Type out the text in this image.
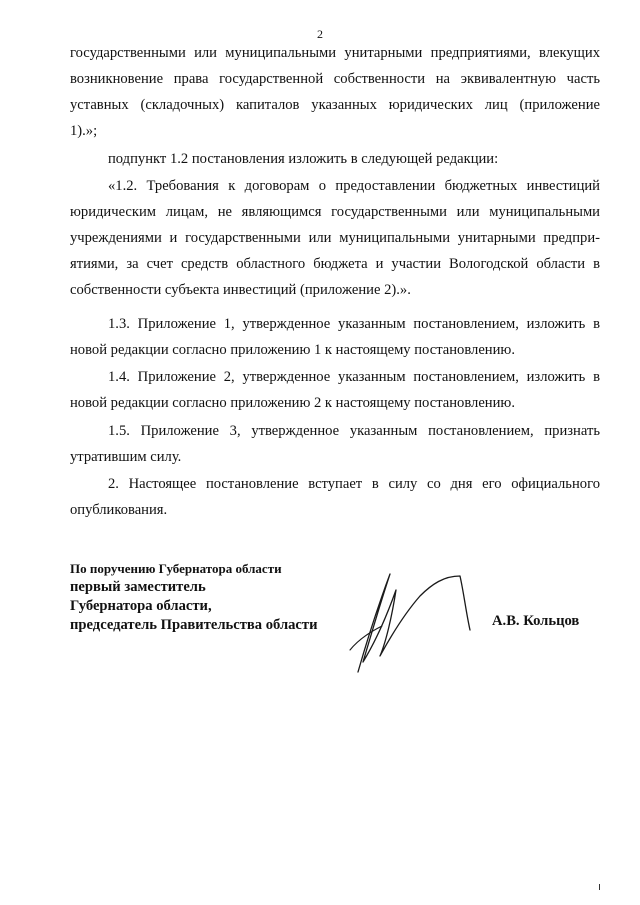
2
государственными или муниципальными унитарными предприятиями, влекущих
возникновение права государственной собственности на эквивалентную часть
уставных (складочных) капиталов указанных юридических лиц (приложение
1).»;
подпункт 1.2 постановления изложить в следующей редакции:
«1.2. Требования к договорам о предоставлении бюджетных инвестиций
юридическим лицам, не являющимся государственными или муниципальными
учреждениями и государственными или муниципальными унитарными предпри-
ятиями, за счет средств областного бюджета и участии Вологодской области в
собственности субъекта инвестиций (приложение 2).».
1.3. Приложение 1, утвержденное указанным постановлением, изложить в
новой редакции согласно приложению 1 к настоящему постановлению.
1.4. Приложение 2, утвержденное указанным постановлением, изложить в
новой редакции согласно приложению 2 к настоящему постановлению.
1.5. Приложение 3, утвержденное указанным постановлением, признать
утратившим силу.
2. Настоящее постановление вступает в силу со дня его официального
опубликования.
По поручению Губернатора области
первый заместитель
Губернатора области,
председатель Правительства области	А.В. Кольцов
